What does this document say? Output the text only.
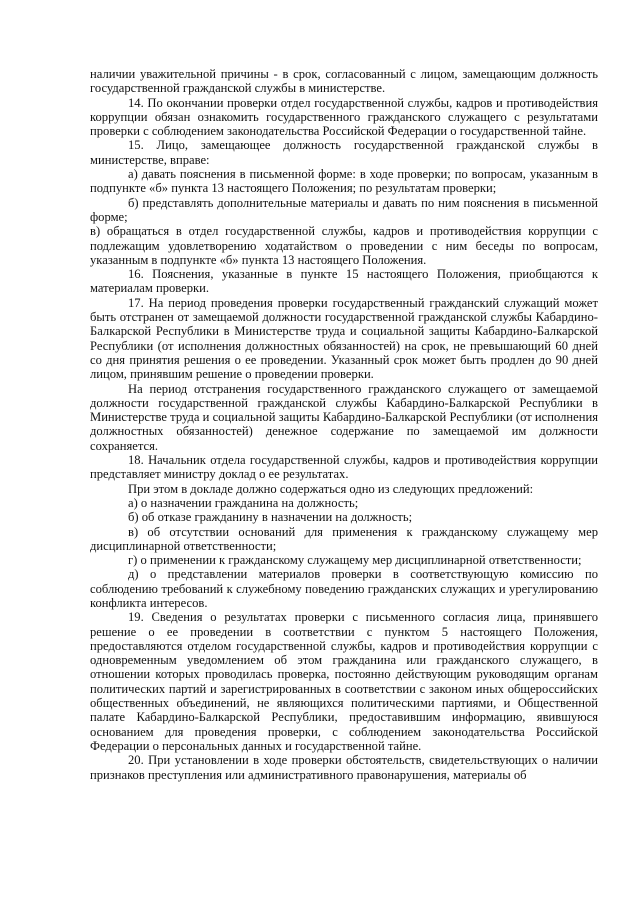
наличии уважительной причины - в срок, согласованный с лицом, замещающим должность государственной гражданской службы в министерстве.

14. По окончании проверки отдел государственной службы, кадров и противодействия коррупции обязан ознакомить государственного гражданского служащего с результатами проверки с соблюдением законодательства Российской Федерации о государственной тайне.

15. Лицо, замещающее должность государственной гражданской службы в министерстве, вправе:

а) давать пояснения в письменной форме: в ходе проверки; по вопросам, указанным в подпункте «б» пункта 13 настоящего Положения; по результатам проверки;

б) представлять дополнительные материалы и давать по ним пояснения в письменной форме;

в) обращаться в отдел государственной службы, кадров и противодействия коррупции с подлежащим удовлетворению ходатайством о проведении с ним беседы по вопросам, указанным в подпункте «б» пункта 13 настоящего Положения.

16. Пояснения, указанные в пункте 15 настоящего Положения, приобщаются к материалам проверки.

17. На период проведения проверки государственный гражданский служащий может быть отстранен от замещаемой должности государственной гражданской службы Кабардино-Балкарской Республики в Министерстве труда и социальной защиты Кабардино-Балкарской Республики (от исполнения должностных обязанностей) на срок, не превышающий 60 дней со дня принятия решения о ее проведении. Указанный срок может быть продлен до 90 дней лицом, принявшим решение о проведении проверки.

На период отстранения государственного гражданского служащего от замещаемой должности государственной гражданской службы Кабардино-Балкарской Республики в Министерстве труда и социальной защиты Кабардино-Балкарской Республики (от исполнения должностных обязанностей) денежное содержание по замещаемой им должности сохраняется.

18. Начальник отдела государственной службы, кадров и противодействия коррупции представляет министру доклад о ее результатах.

При этом в докладе должно содержаться одно из следующих предложений:

а) о назначении гражданина на должность;

б) об отказе гражданину в назначении на должность;

в) об отсутствии оснований для применения к гражданскому служащему мер дисциплинарной ответственности;

г) о применении к гражданскому служащему мер дисциплинарной ответственности;

д) о представлении материалов проверки в соответствующую комиссию по соблюдению требований к служебному поведению гражданских служащих и урегулированию конфликта интересов.

19. Сведения о результатах проверки с письменного согласия лица, принявшего решение о ее проведении в соответствии с пунктом 5 настоящего Положения, предоставляются отделом государственной службы, кадров и противодействия коррупции с одновременным уведомлением об этом гражданина или гражданского служащего, в отношении которых проводилась проверка, постоянно действующим руководящим органам политических партий и зарегистрированных в соответствии с законом иных общероссийских общественных объединений, не являющихся политическими партиями, и Общественной палате Кабардино-Балкарской Республики, предоставившим информацию, явившуюся основанием для проведения проверки, с соблюдением законодательства Российской Федерации о персональных данных и государственной тайне.

20. При установлении в ходе проверки обстоятельств, свидетельствующих о наличии признаков преступления или административного правонарушения, материалы об
